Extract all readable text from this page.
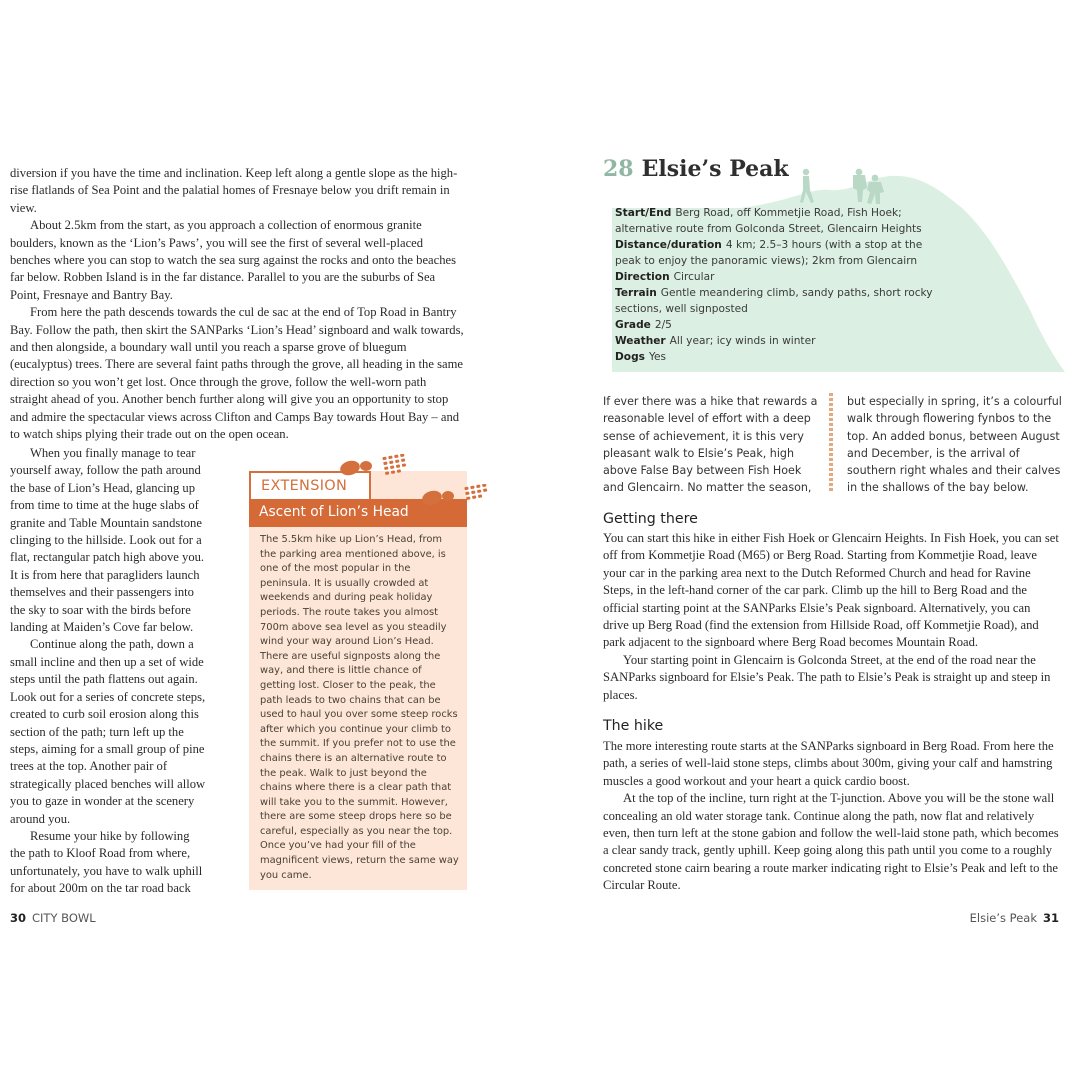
diversion if you have the time and inclination. Keep left along a gentle slope as the high-rise flatlands of Sea Point and the palatial homes of Fresnaye below you drift remain in view.

About 2.5km from the start, as you approach a collection of enormous granite boulders, known as the ‘Lion’s Paws’, you will see the first of several well-placed benches where you can stop to watch the sea surg against the rocks and onto the beaches far below. Robben Island is in the far distance. Parallel to you are the suburbs of Sea Point, Fresnaye and Bantry Bay.

From here the path descends towards the cul de sac at the end of Top Road in Bantry Bay. Follow the path, then skirt the SANParks ‘Lion’s Head’ signboard and walk towards, and then alongside, a boundary wall until you reach a sparse grove of bluegum (eucalyptus) trees. There are several faint paths through the grove, all heading in the same direction so you won’t get lost. Once through the grove, follow the well-worn path straight ahead of you. Another bench further along will give you an opportunity to stop and admire the spectacular views across Clifton and Camps Bay towards Hout Bay – and to watch ships plying their trade out on the open ocean.

When you finally manage to tear yourself away, follow the path around the base of Lion’s Head, glancing up from time to time at the huge slabs of granite and Table Mountain sandstone clinging to the hillside. Look out for a flat, rectangular patch high above you. It is from here that paragliders launch themselves and their passengers into the sky to soar with the birds before landing at Maiden’s Cove far below.

Continue along the path, down a small incline and then up a set of wide steps until the path flattens out again. Look out for a series of concrete steps, created to curb soil erosion along this section of the path; turn left up the steps, aiming for a small group of pine trees at the top. Another pair of strategically placed benches will allow you to gaze in wonder at the scenery around you.

Resume your hike by following the path to Kloof Road from where, unfortunately, you have to walk uphill for about 200m on the tar road back

EXTENSION
Ascent of Lion’s Head
The 5.5km hike up Lion’s Head, from the parking area mentioned above, is one of the most popular in the peninsula. It is usually crowded at weekends and during peak holiday periods. The route takes you almost 700m above sea level as you steadily wind your way around Lion’s Head. There are useful signposts along the way, and there is little chance of getting lost. Closer to the peak, the path leads to two chains that can be used to haul you over some steep rocks after which you continue your climb to the summit. If you prefer not to use the chains there is an alternative route to the peak. Walk to just beyond the chains where there is a clear path that will take you to the summit. However, there are some steep drops here so be careful, especially as you near the top. Once you’ve had your fill of the magnificent views, return the same way you came.
30 CITY BOWL
28 Elsie’s Peak
Start/End Berg Road, off Kommetjie Road, Fish Hoek; alternative route from Golconda Street, Glencairn Heights
Distance/duration 4 km; 2.5–3 hours (with a stop at the peak to enjoy the panoramic views); 2km from Glencairn
Direction Circular
Terrain Gentle meandering climb, sandy paths, short rocky sections, well signposted
Grade 2/5
Weather All year; icy winds in winter
Dogs Yes
If ever there was a hike that rewards a reasonable level of effort with a deep sense of achievement, it is this very pleasant walk to Elsie’s Peak, high above False Bay between Fish Hoek and Glencairn. No matter the season,
but especially in spring, it’s a colourful walk through flowering fynbos to the top. An added bonus, between August and December, is the arrival of southern right whales and their calves in the shallows of the bay below.
Getting there

You can start this hike in either Fish Hoek or Glencairn Heights. In Fish Hoek, you can set off from Kommetjie Road (M65) or Berg Road. Starting from Kommetjie Road, leave your car in the parking area next to the Dutch Reformed Church and head for Ravine Steps, in the left-hand corner of the car park. Climb up the hill to Berg Road and the official starting point at the SANParks Elsie’s Peak signboard. Alternatively, you can drive up Berg Road (find the extension from Hillside Road, off Kommetjie Road), and park adjacent to the signboard where Berg Road becomes Mountain Road.

Your starting point in Glencairn is Golconda Street, at the end of the road near the SANParks signboard for Elsie’s Peak. The path to Elsie’s Peak is straight up and steep in places.

The hike

The more interesting route starts at the SANParks signboard in Berg Road. From here the path, a series of well-laid stone steps, climbs about 300m, giving your calf and hamstring muscles a good workout and your heart a quick cardio boost.

At the top of the incline, turn right at the T-junction. Above you will be the stone wall concealing an old water storage tank. Continue along the path, now flat and relatively even, then turn left at the stone gabion and follow the well-laid stone path, which becomes a clear sandy track, gently uphill. Keep going along this path until you come to a roughly concreted stone cairn bearing a route marker indicating right to Elsie’s Peak and left to the Circular Route.

Elsie’s Peak 31
